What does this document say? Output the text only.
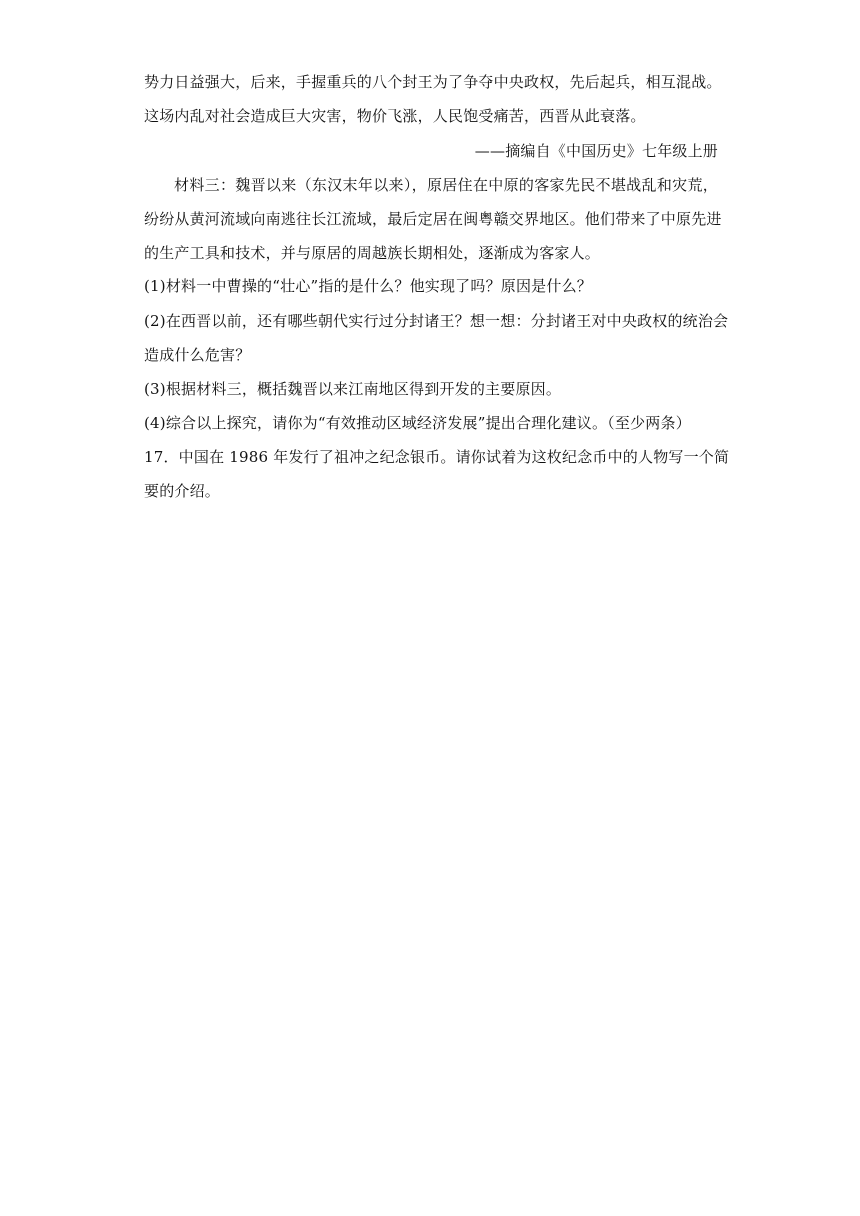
势力日益强大，后来，手握重兵的八个封王为了争夺中央政权，先后起兵，相互混战。
这场内乱对社会造成巨大灾害，物价飞涨，人民饱受痛苦，西晋从此衰落。
——摘编自《中国历史》七年级上册
材料三：魏晋以来（东汉末年以来），原居住在中原的客家先民不堪战乱和灾荒，
纷纷从黄河流域向南逃往长江流域，最后定居在闽粤赣交界地区。他们带来了中原先进
的生产工具和技术，并与原居的周越族长期相处，逐渐成为客家人。
(1)材料一中曹操的“壮心”指的是什么？他实现了吗？原因是什么？
(2)在西晋以前，还有哪些朝代实行过分封诸王？想一想：分封诸王对中央政权的统治会
造成什么危害？
(3)根据材料三，概括魏晋以来江南地区得到开发的主要原因。
(4)综合以上探究，请你为“有效推动区域经济发展”提出合理化建议。（至少两条）
17．中国在 1986 年发行了祖冲之纪念银币。请你试着为这枚纪念币中的人物写一个简
要的介绍。
